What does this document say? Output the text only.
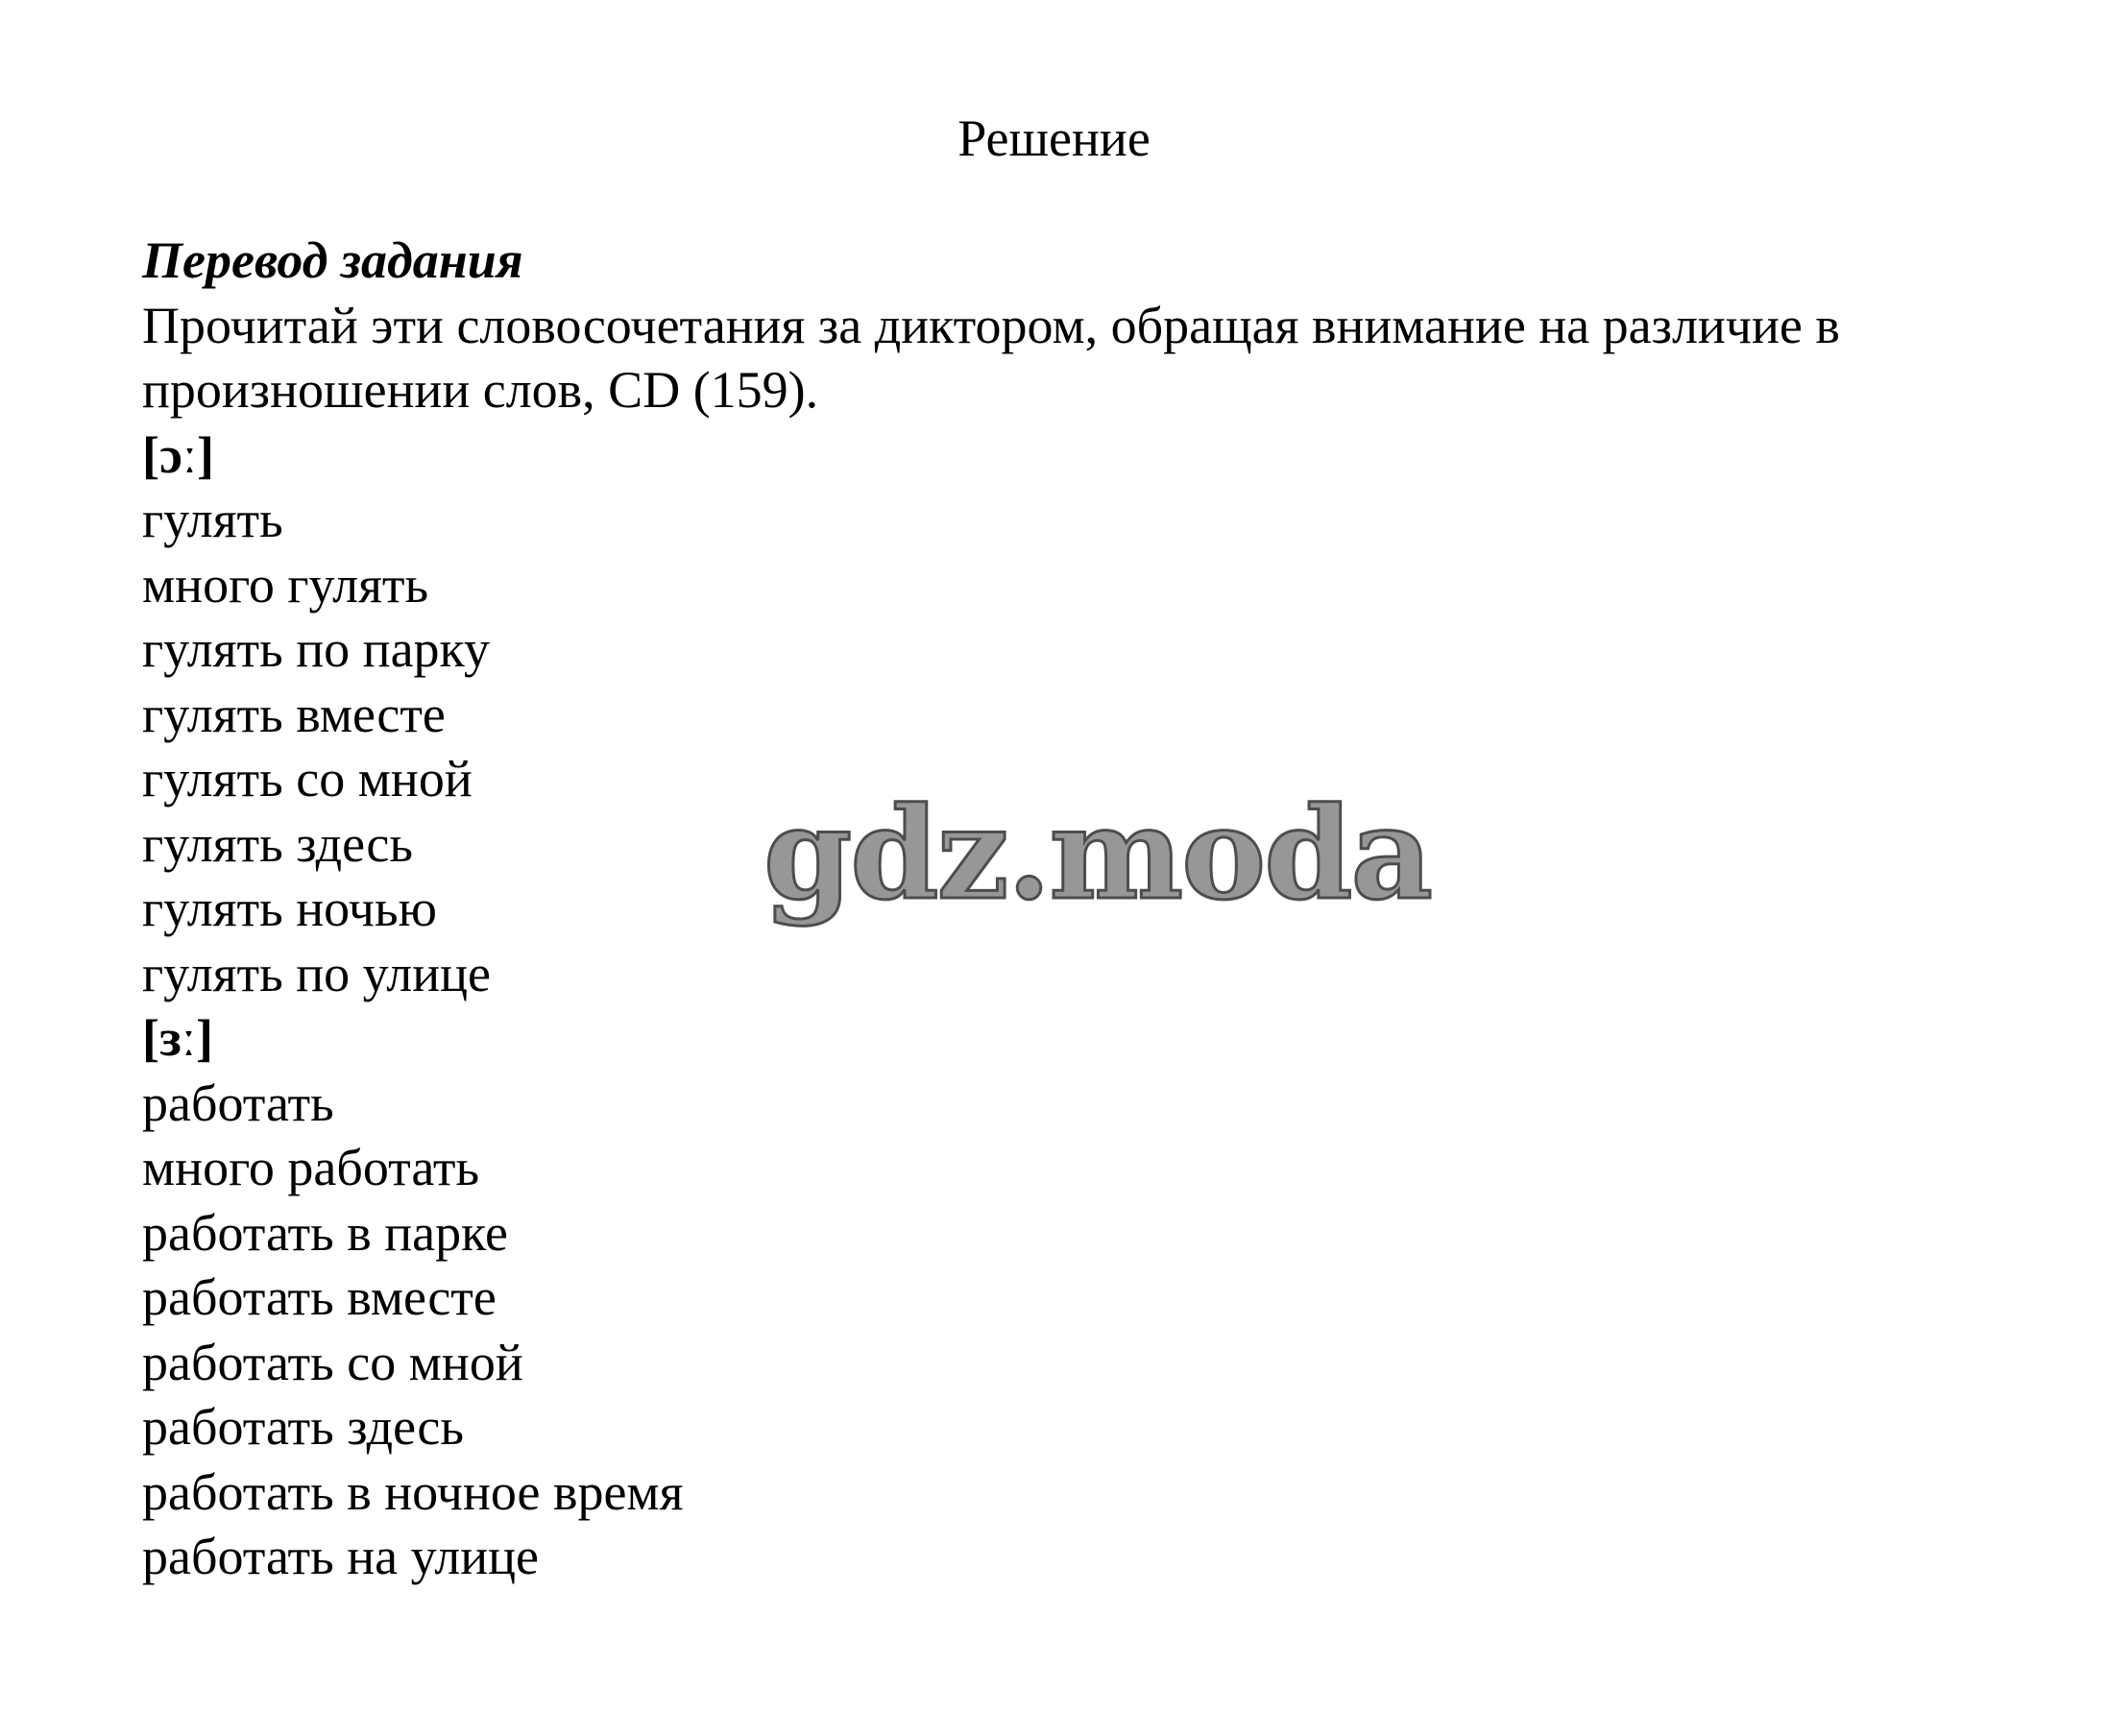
Решение
Перевод задания
Прочитай эти словосочетания за диктором, обращая внимание на различие в произношении слов, CD (159).
[ɔː]
гулять
много гулять
гулять по парку
гулять вместе
гулять со мной
гулять здесь
гулять ночью
гулять по улице
[ɜː]
работать
много работать
работать в парке
работать вместе
работать со мной
работать здесь
работать в ночное время
работать на улице
gdz.moda
